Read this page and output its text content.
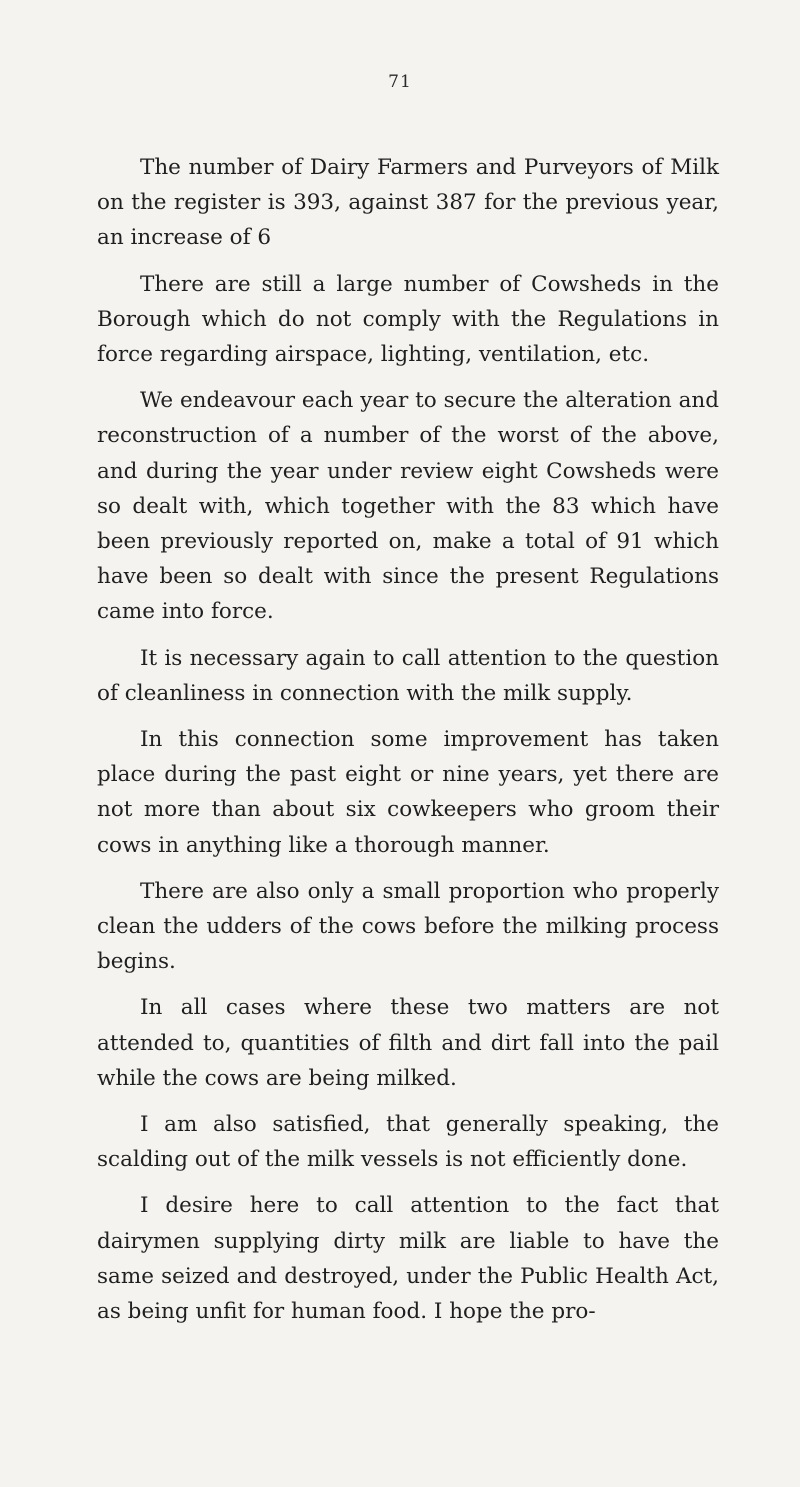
71

The number of Dairy Farmers and Purveyors of Milk on the register is 393, against 387 for the previous year, an increase of 6

There are still a large number of Cowsheds in the Borough which do not comply with the Regulations in force regarding airspace, lighting, ventilation, etc.

We endeavour each year to secure the alteration and reconstruction of a number of the worst of the above, and during the year under review eight Cowsheds were so dealt with, which together with the 83 which have been previously reported on, make a total of 91 which have been so dealt with since the present Regulations came into force.

It is necessary again to call attention to the question of cleanliness in connection with the milk supply.

In this connection some improvement has taken place during the past eight or nine years, yet there are not more than about six cowkeepers who groom their cows in anything like a thorough manner.

There are also only a small proportion who properly clean the udders of the cows before the milking process begins.

In all cases where these two matters are not attended to, quantities of filth and dirt fall into the pail while the cows are being milked.

I am also satisfied, that generally speaking, the scalding out of the milk vessels is not efficiently done.

I desire here to call attention to the fact that dairymen supplying dirty milk are liable to have the same seized and destroyed, under the Public Health Act, as being unfit for human food. I hope the pro-
